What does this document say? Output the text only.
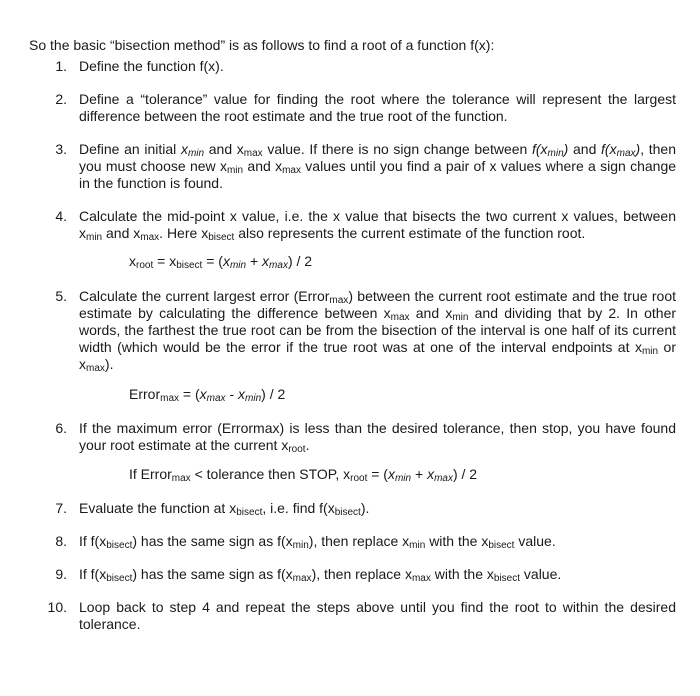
So the basic “bisection method” is as follows to find a root of a function f(x):

1. Define the function f(x).
2. Define a “tolerance” value for finding the root where the tolerance will represent the largest difference between the root estimate and the true root of the function.
3. Define an initial xmin and xmax value. If there is no sign change between f(xmin) and f(xmax), then you must choose new xmin and xmax values until you find a pair of x values where a sign change in the function is found.
4. Calculate the mid-point x value, i.e. the x value that bisects the two current x values, between xmin and xmax. Here xbisect also represents the current estimate of the function root.
xroot = xbisect = (xmin + xmax) / 2
5. Calculate the current largest error (Errormax) between the current root estimate and the true root estimate by calculating the difference between xmax and xmin and dividing that by 2. In other words, the farthest the true root can be from the bisection of the interval is one half of its current width (which would be the error if the true root was at one of the interval endpoints at xmin or xmax).
Errormax = (xmax - xmin) / 2
6. If the maximum error (Errormax) is less than the desired tolerance, then stop, you have found your root estimate at the current xroot.
If Errormax < tolerance then STOP, xroot = (xmin + xmax) / 2
7. Evaluate the function at xbisect, i.e. find f(xbisect).
8. If f(xbisect) has the same sign as f(xmin), then replace xmin with the xbisect value.
9. If f(xbisect) has the same sign as f(xmax), then replace xmax with the xbisect value.
10. Loop back to step 4 and repeat the steps above until you find the root to within the desired tolerance.
